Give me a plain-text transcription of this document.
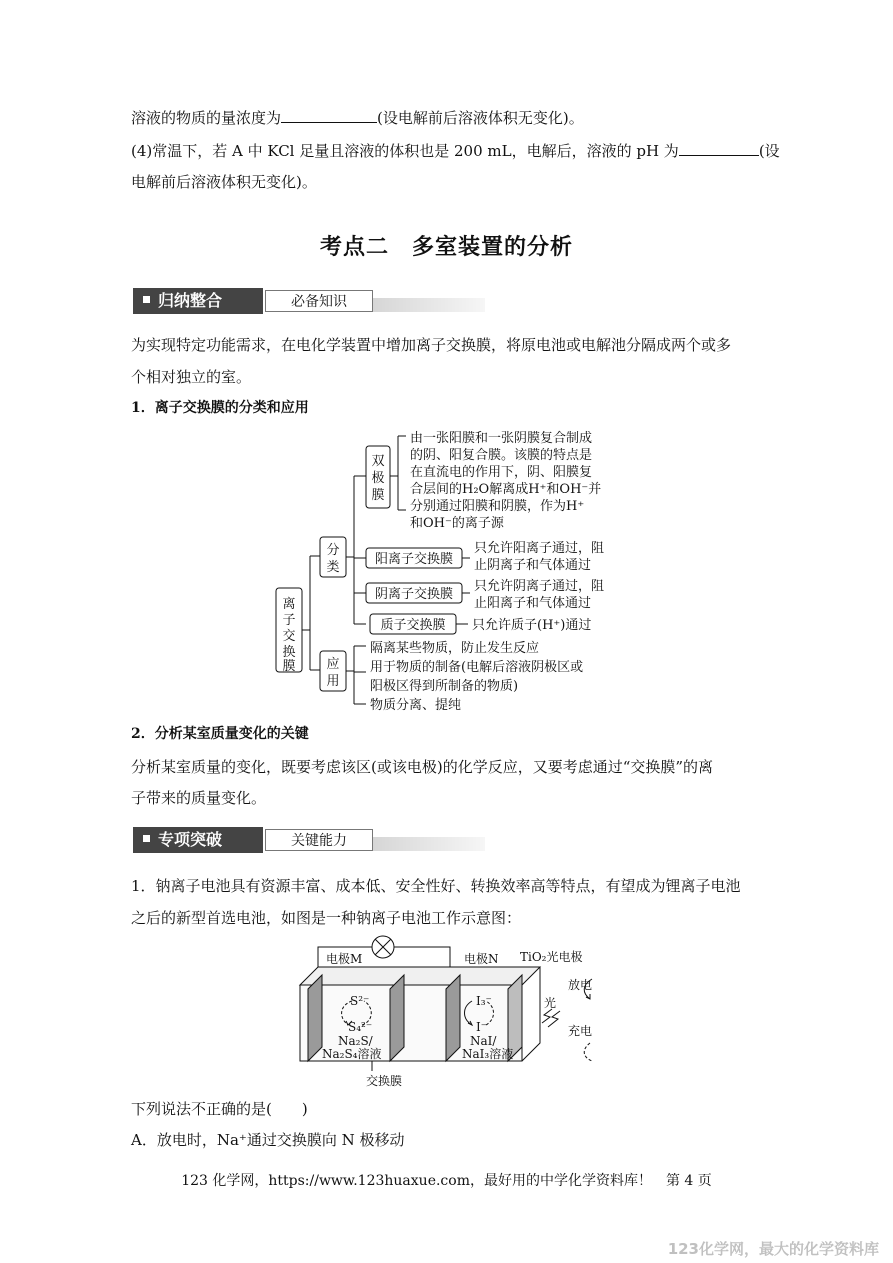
溶液的物质的量浓度为	(设电解前后溶液体积无变化)。
(4)常温下，若 A 中 KCl 足量且溶液的体积也是 200 mL，电解后，溶液的 pH 为	(设
电解前后溶液体积无变化)。
考点二　多室装置的分析
归纳整合	必备知识
为实现特定功能需求，在电化学装置中增加离子交换膜，将原电池或电解池分隔成两个或多
个相对独立的室。
1．离子交换膜的分类和应用
离
子
交
换
膜
分
类
应
用
双
极
膜
由一张阳膜和一张阴膜复合制成
的阴、阳复合膜。该膜的特点是
在直流电的作用下，阴、阳膜复
合层间的H₂O解离成H⁺和OH⁻并
分别通过阳膜和阴膜，作为H⁺
和OH⁻的离子源
阳离子交换膜
只允许阳离子通过，阻
止阴离子和气体通过
阴离子交换膜
只允许阴离子通过，阻
止阳离子和气体通过
质子交换膜 只允许质子(H⁺)通过
隔离某些物质，防止发生反应
用于物质的制备(电解后溶液阴极区或
阳极区得到所制备的物质)
物质分离、提纯
2．分析某室质量变化的关键
分析某室质量的变化，既要考虑该区(或该电极)的化学反应，又要考虑通过“交换膜”的离
子带来的质量变化。
专项突破	关键能力
1．钠离子电池具有资源丰富、成本低、安全性好、转换效率高等特点，有望成为锂离子电池
之后的新型首选电池，如图是一种钠离子电池工作示意图：
电极M	电极N TiO₂光电极
放电
充电
光
S²⁻
S₄²⁻
Na₂S/
Na₂S₄溶液
I₃⁻
I⁻
NaI/
NaI₃溶液
交换膜
下列说法不正确的是(　　)
A．放电时，Na⁺通过交换膜向 N 极移动
123 化学网，https://www.123huaxue.com，最好用的中学化学资料库！　第 4 页
123化学网，最大的化学资料库
